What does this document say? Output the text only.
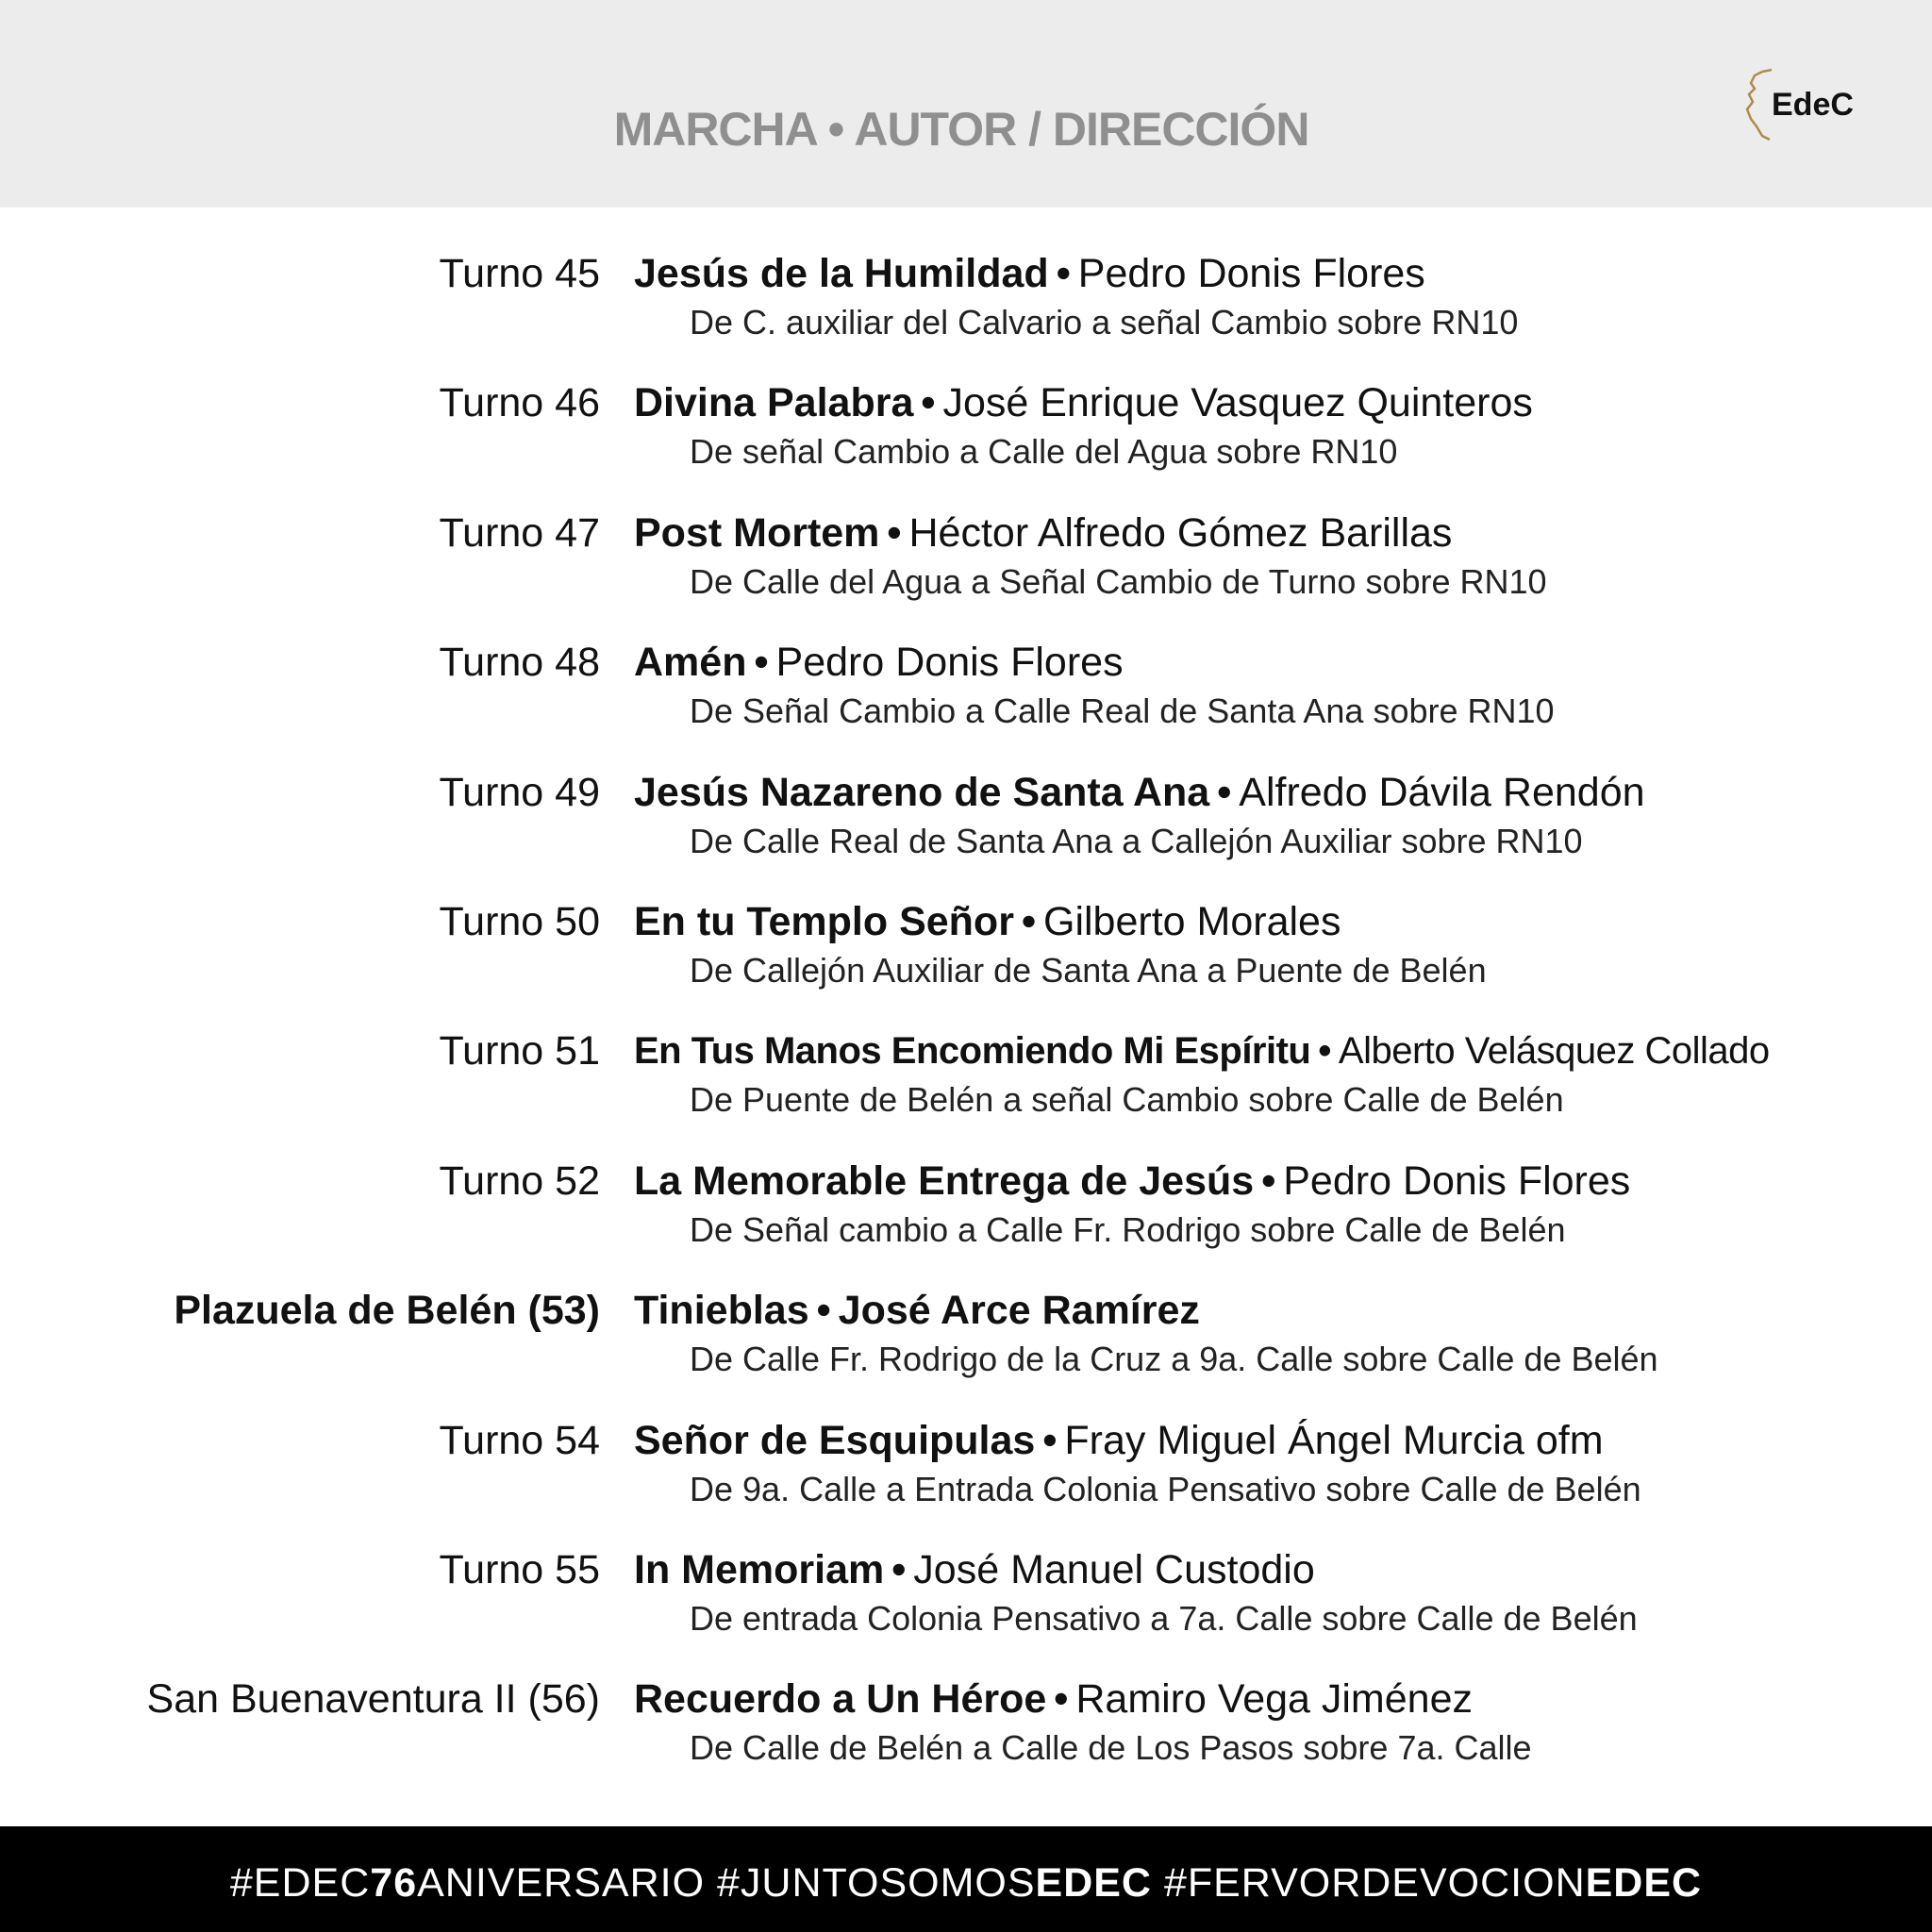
MARCHA • AUTOR / DIRECCIÓN	EdeC
Turno 45 Jesús de la Humildad • Pedro Donis Flores
De C. auxiliar del Calvario a señal Cambio sobre RN10
Turno 46 Divina Palabra • José Enrique Vasquez Quinteros
De señal Cambio a Calle del Agua sobre RN10
Turno 47 Post Mortem • Héctor Alfredo Gómez Barillas
De Calle del Agua a Señal Cambio de Turno sobre RN10
Turno 48 Amén • Pedro Donis Flores
De Señal Cambio a Calle Real de Santa Ana sobre RN10
Turno 49 Jesús Nazareno de Santa Ana • Alfredo Dávila Rendón
De Calle Real de Santa Ana a Callejón Auxiliar sobre RN10
Turno 50 En tu Templo Señor • Gilberto Morales
De Callejón Auxiliar de Santa Ana a Puente de Belén
Turno 51 En Tus Manos Encomiendo Mi Espíritu • Alberto Velásquez Collado
De Puente de Belén a señal Cambio sobre Calle de Belén
Turno 52 La Memorable Entrega de Jesús • Pedro Donis Flores
De Señal cambio a Calle Fr. Rodrigo sobre Calle de Belén
Plazuela de Belén (53) Tinieblas • José Arce Ramírez
De Calle Fr. Rodrigo de la Cruz a 9a. Calle sobre Calle de Belén
Turno 54 Señor de Esquipulas • Fray Miguel Ángel Murcia ofm
De 9a. Calle a Entrada Colonia Pensativo sobre Calle de Belén
Turno 55 In Memoriam • José Manuel Custodio
De entrada Colonia Pensativo a 7a. Calle sobre Calle de Belén
San Buenaventura II (56) Recuerdo a Un Héroe • Ramiro Vega Jiménez
De Calle de Belén a Calle de Los Pasos sobre 7a. Calle
#EDEC76ANIVERSARIO #JUNTOSOMOSEDEC #FERVORDEVOCIONEDEC
